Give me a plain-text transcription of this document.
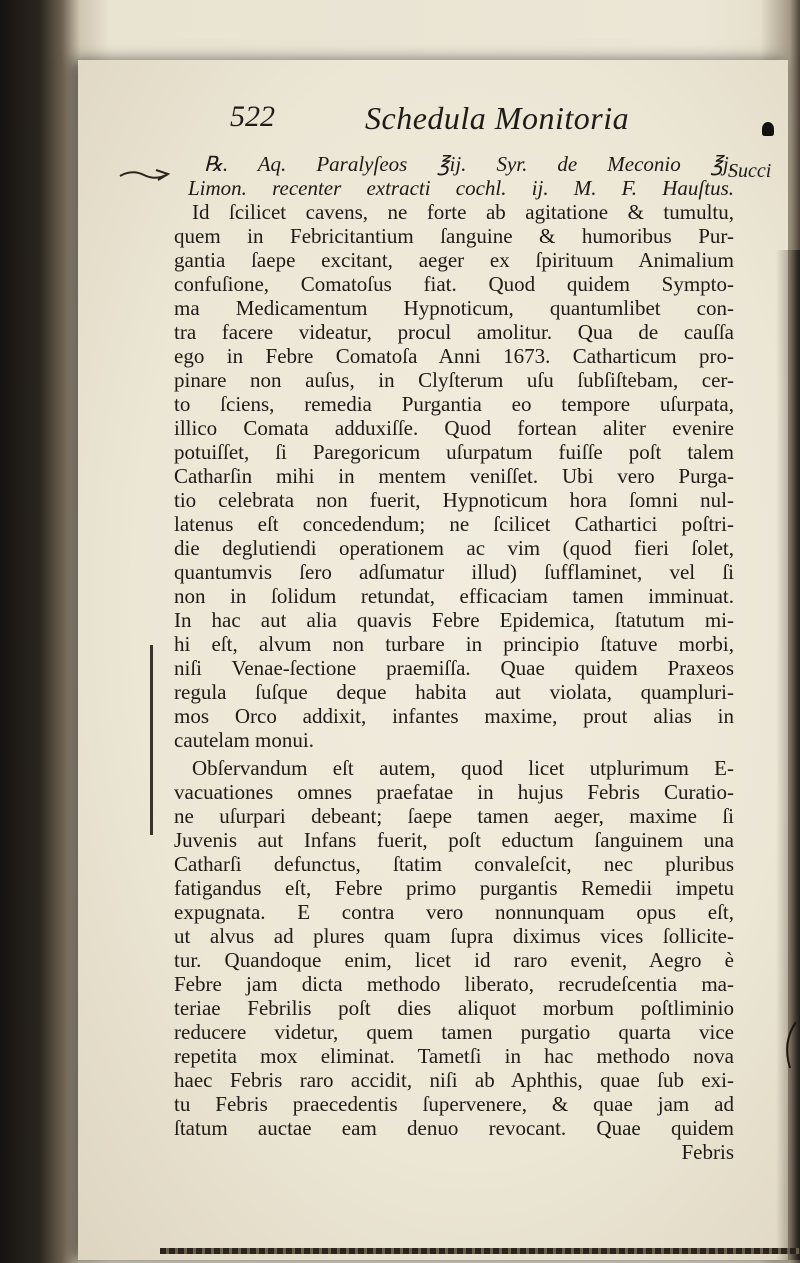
522	Schedula Monitoria
Succi
℞. Aq. Paralyſeos ℥ij. Syr. de Meconio ℥j.
Limon. recenter extracti cochl. ij. M. F. Hauſtus.
Id ſcilicet cavens, ne forte ab agitatione & tumultu,
quem in Febricitantium ſanguine & humoribus Pur-
gantia ſaepe excitant, aeger ex ſpirituum Animalium
confuſione, Comatoſus fiat. Quod quidem Sympto-
ma Medicamentum Hypnoticum, quantumlibet con-
tra facere videatur, procul amolitur. Qua de cauſſa
ego in Febre Comatoſa Anni 1673. Catharticum pro-
pinare non auſus, in Clyſterum uſu ſubſiſtebam, cer-
to ſciens, remedia Purgantia eo tempore uſurpata,
illico Comata adduxiſſe. Quod fortean aliter evenire
potuiſſet, ſi Paregoricum uſurpatum fuiſſe poſt talem
Catharſin mihi in mentem veniſſet. Ubi vero Purga-
tio celebrata non fuerit, Hypnoticum hora ſomni nul-
latenus eſt concedendum; ne ſcilicet Cathartici poſtri-
die deglutiendi operationem ac vim (quod fieri ſolet,
quantumvis ſero adſumatur illud) ſufflaminet, vel ſi
non in ſolidum retundat, efficaciam tamen imminuat.
In hac aut alia quavis Febre Epidemica, ſtatutum mi-
hi eſt, alvum non turbare in principio ſtatuve morbi,
niſi Venae-ſectione praemiſſa. Quae quidem Praxeos
regula ſuſque deque habita aut violata, quampluri-
mos Orco addixit, infantes maxime, prout alias in
cautelam monui.
Obſervandum eſt autem, quod licet utplurimum E-
vacuationes omnes praefatae in hujus Febris Curatio-
ne uſurpari debeant; ſaepe tamen aeger, maxime ſi
Juvenis aut Infans fuerit, poſt eductum ſanguinem una
Catharſi defunctus, ſtatim convaleſcit, nec pluribus
fatigandus eſt, Febre primo purgantis Remedii impetu
expugnata. E contra vero nonnunquam opus eſt,
ut alvus ad plures quam ſupra diximus vices ſollicite-
tur. Quandoque enim, licet id raro evenit, Aegro è
Febre jam dicta methodo liberato, recrudeſcentia ma-
teriae Febrilis poſt dies aliquot morbum poſtliminio
reducere videtur, quem tamen purgatio quarta vice
repetita mox eliminat. Tametſi in hac methodo nova
haec Febris raro accidit, niſi ab Aphthis, quae ſub exi-
tu Febris praecedentis ſupervenere, & quae jam ad
ſtatum auctae eam denuo revocant. Quae quidem
Febris
